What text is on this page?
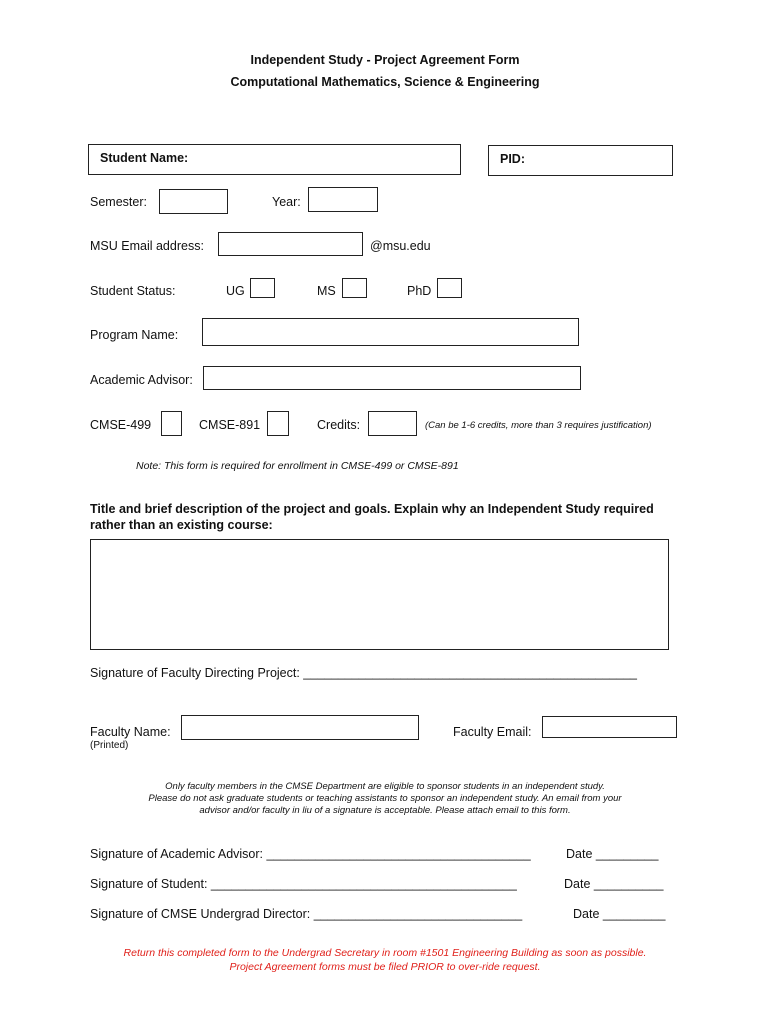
Independent Study - Project Agreement Form
Computational Mathematics, Science & Engineering
Student Name:	PID:
Semester:	Year:
MSU Email address:	@msu.edu
Student Status:	UG	MS	PhD
Program Name:
Academic Advisor:
CMSE-499	CMSE-891	Credits:	(Can be 1-6 credits, more than 3 requires justification)
Note: This form is required for enrollment in CMSE-499 or CMSE-891
Title and brief description of the project and goals. Explain why an Independent Study required
rather than an existing course:
Signature of Faculty Directing Project: ________________________________________________
Faculty Name:
(Printed)
Faculty Email:
Only faculty members in the CMSE Department are eligible to sponsor students in an independent study.
Please do not ask graduate students or teaching assistants to sponsor an independent study. An email from your
advisor and/or faculty in liu of a signature is acceptable. Please attach email to this form.
Signature of Academic Advisor: ______________________________________	Date _________
Signature of Student: ____________________________________________	Date __________
Signature of CMSE Undergrad Director: ______________________________	Date _________
Return this completed form to the Undergrad Secretary in room #1501 Engineering Building as soon as possible.
Project Agreement forms must be filed PRIOR to over-ride request.
